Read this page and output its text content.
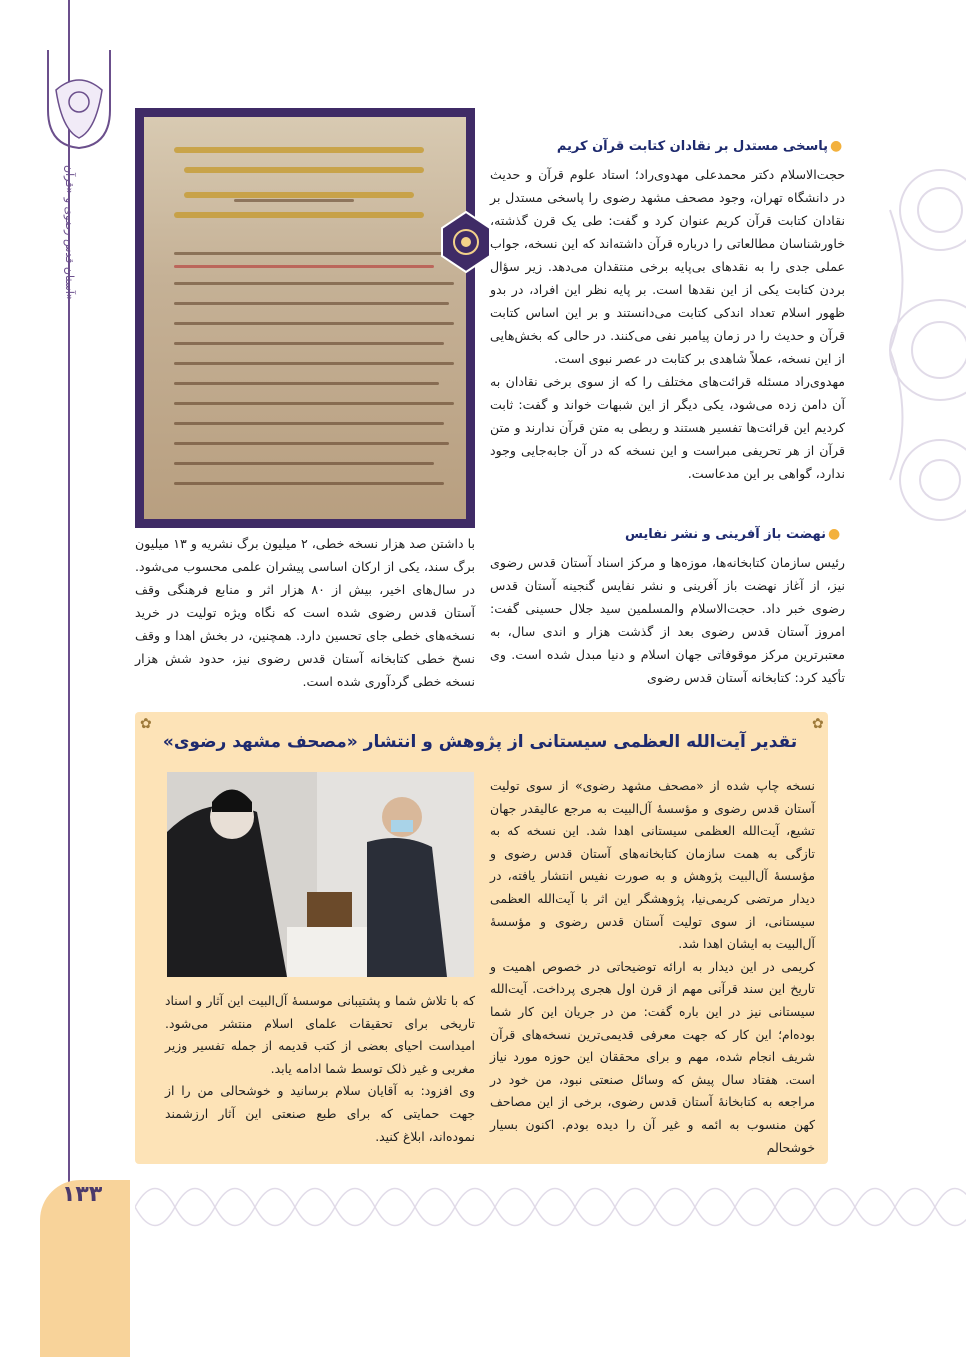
آستان قدس رضوی و «قرآن»
۱۳۳
●
پاسخی مستدل بر نقادان کتابت قرآن کریم
حجت‌الاسلام دکتر محمدعلی مهدوی‌راد؛ استاد علوم قرآن و حدیث در دانشگاه تهران، وجود مصحف مشهد رضوی را پاسخی مستدل بر نقادان کتابت قرآن کریم عنوان کرد و گفت: طی یک قرن گذشته، خاورشناسان مطالعاتی را درباره قرآن داشته‌اند که این نسخه، جواب عملی جدی را به نقدهای بی‌پایه برخی منتقدان می‌دهد. زیر سؤال بردن کتابت یکی از این نقدها است. بر پایه نظر این افراد، در بدو ظهور اسلام تعداد اندکی کتابت می‌دانستند و بر این اساس کتابت قرآن و حدیث را در زمان پیامبر نفی می‌کنند. در حالی که بخش‌هایی از این نسخه، عملاً شاهدی بر کتابت در عصر نبوی است.
مهدوی‌راد مسئله قرائت‌های مختلف را که از سوی برخی نقادان به آن دامن زده می‌شود، یکی دیگر از این شبهات خواند و گفت: ثابت کردیم این قرائت‌ها تفسیر هستند و ربطی به متن قرآن ندارند و متن قرآن از هر تحریفی مبراست و این نسخه که در آن جابه‌جایی وجود ندارد، گواهی بر این مدعاست.
●
نهضت باز آفرینی و نشر نفایس
رئیس سازمان کتابخانه‌ها، موزه‌ها و مرکز اسناد آستان قدس رضوی نیز، از آغاز نهضت باز آفرینی و نشر نفایس گنجینه آستان قدس رضوی خبر داد. حجت‌الاسلام والمسلمین سید جلال حسینی گفت: امروز آستان قدس رضوی بعد از گذشت هزار و اندی سال، به معتبرترین مرکز موقوفاتی جهان اسلام و دنیا مبدل شده است. وی تأکید کرد: کتابخانه آستان قدس رضوی
با داشتن صد هزار نسخه خطی، ۲ میلیون برگ نشریه و ۱۳ میلیون برگ سند، یکی از ارکان اساسی پیشران علمی محسوب می‌شود. در سال‌های اخیر، بیش از ۸۰ هزار اثر و منابع فرهنگی وقف آستان قدس رضوی شده است که نگاه ویژه تولیت در خرید نسخه‌های خطی جای تحسین دارد. همچنین، در بخش اهدا و وقف نسخ خطی کتابخانه آستان قدس رضوی نیز، حدود شش هزار نسخه خطی گردآوری شده است.
✿	✿
تقدیر آیت‌الله العظمی سیستانی از پژوهش و انتشار «مصحف مشهد رضوی»
نسخه چاپ شده از «مصحف مشهد رضوی» از سوی تولیت آستان قدس رضوی و مؤسسهٔ آل‌البیت به مرجع عالیقدر جهان تشیع، آیت‌الله العظمی سیستانی اهدا شد. این نسخه که به تازگی به همت سازمان کتابخانه‌های آستان قدس رضوی و مؤسسهٔ آل‌البیت پژوهش و به صورت نفیس انتشار یافته، در دیدار مرتضی کریمی‌نیا، پژوهشگر این اثر با آیت‌الله العظمی سیستانی، از سوی تولیت آستان قدس رضوی و مؤسسهٔ آل‌البیت به ایشان اهدا شد.
کریمی در این دیدار به ارائه توضیحاتی در خصوص اهمیت و تاریخ این سند قرآنی مهم از قرن اول هجری پرداخت. آیت‌الله سیستانی نیز در این باره گفت: من در جریان این کار شما بوده‌ام؛ این کار که جهت معرفی قدیمی‌ترین نسخه‌های قرآن شریف انجام شده، مهم و برای محققان این حوزه مورد نیاز است. هفتاد سال پیش که وسائل صنعتی نبود، من خود در مراجعه به کتابخانهٔ آستان قدس رضوی، برخی از این مصاحف کهن منسوب به ائمه و غیر آن را دیده بودم. اکنون بسیار خوشحالم
که با تلاش شما و پشتیبانی موسسهٔ آل‌البیت این آثار و اسناد تاریخی برای تحقیقات علمای اسلام منتشر می‌شود. امیداست احیای بعضی از کتب قدیمه از جمله تفسیر وزیر مغربی و غیر ذلک توسط شما ادامه یابد.
وی افزود: به آقایان سلام برسانید و خوشحالی من را از جهت حمایتی که برای طبع صنعتی این آثار ارزشمند نموده‌اند، ابلاغ کنید.
